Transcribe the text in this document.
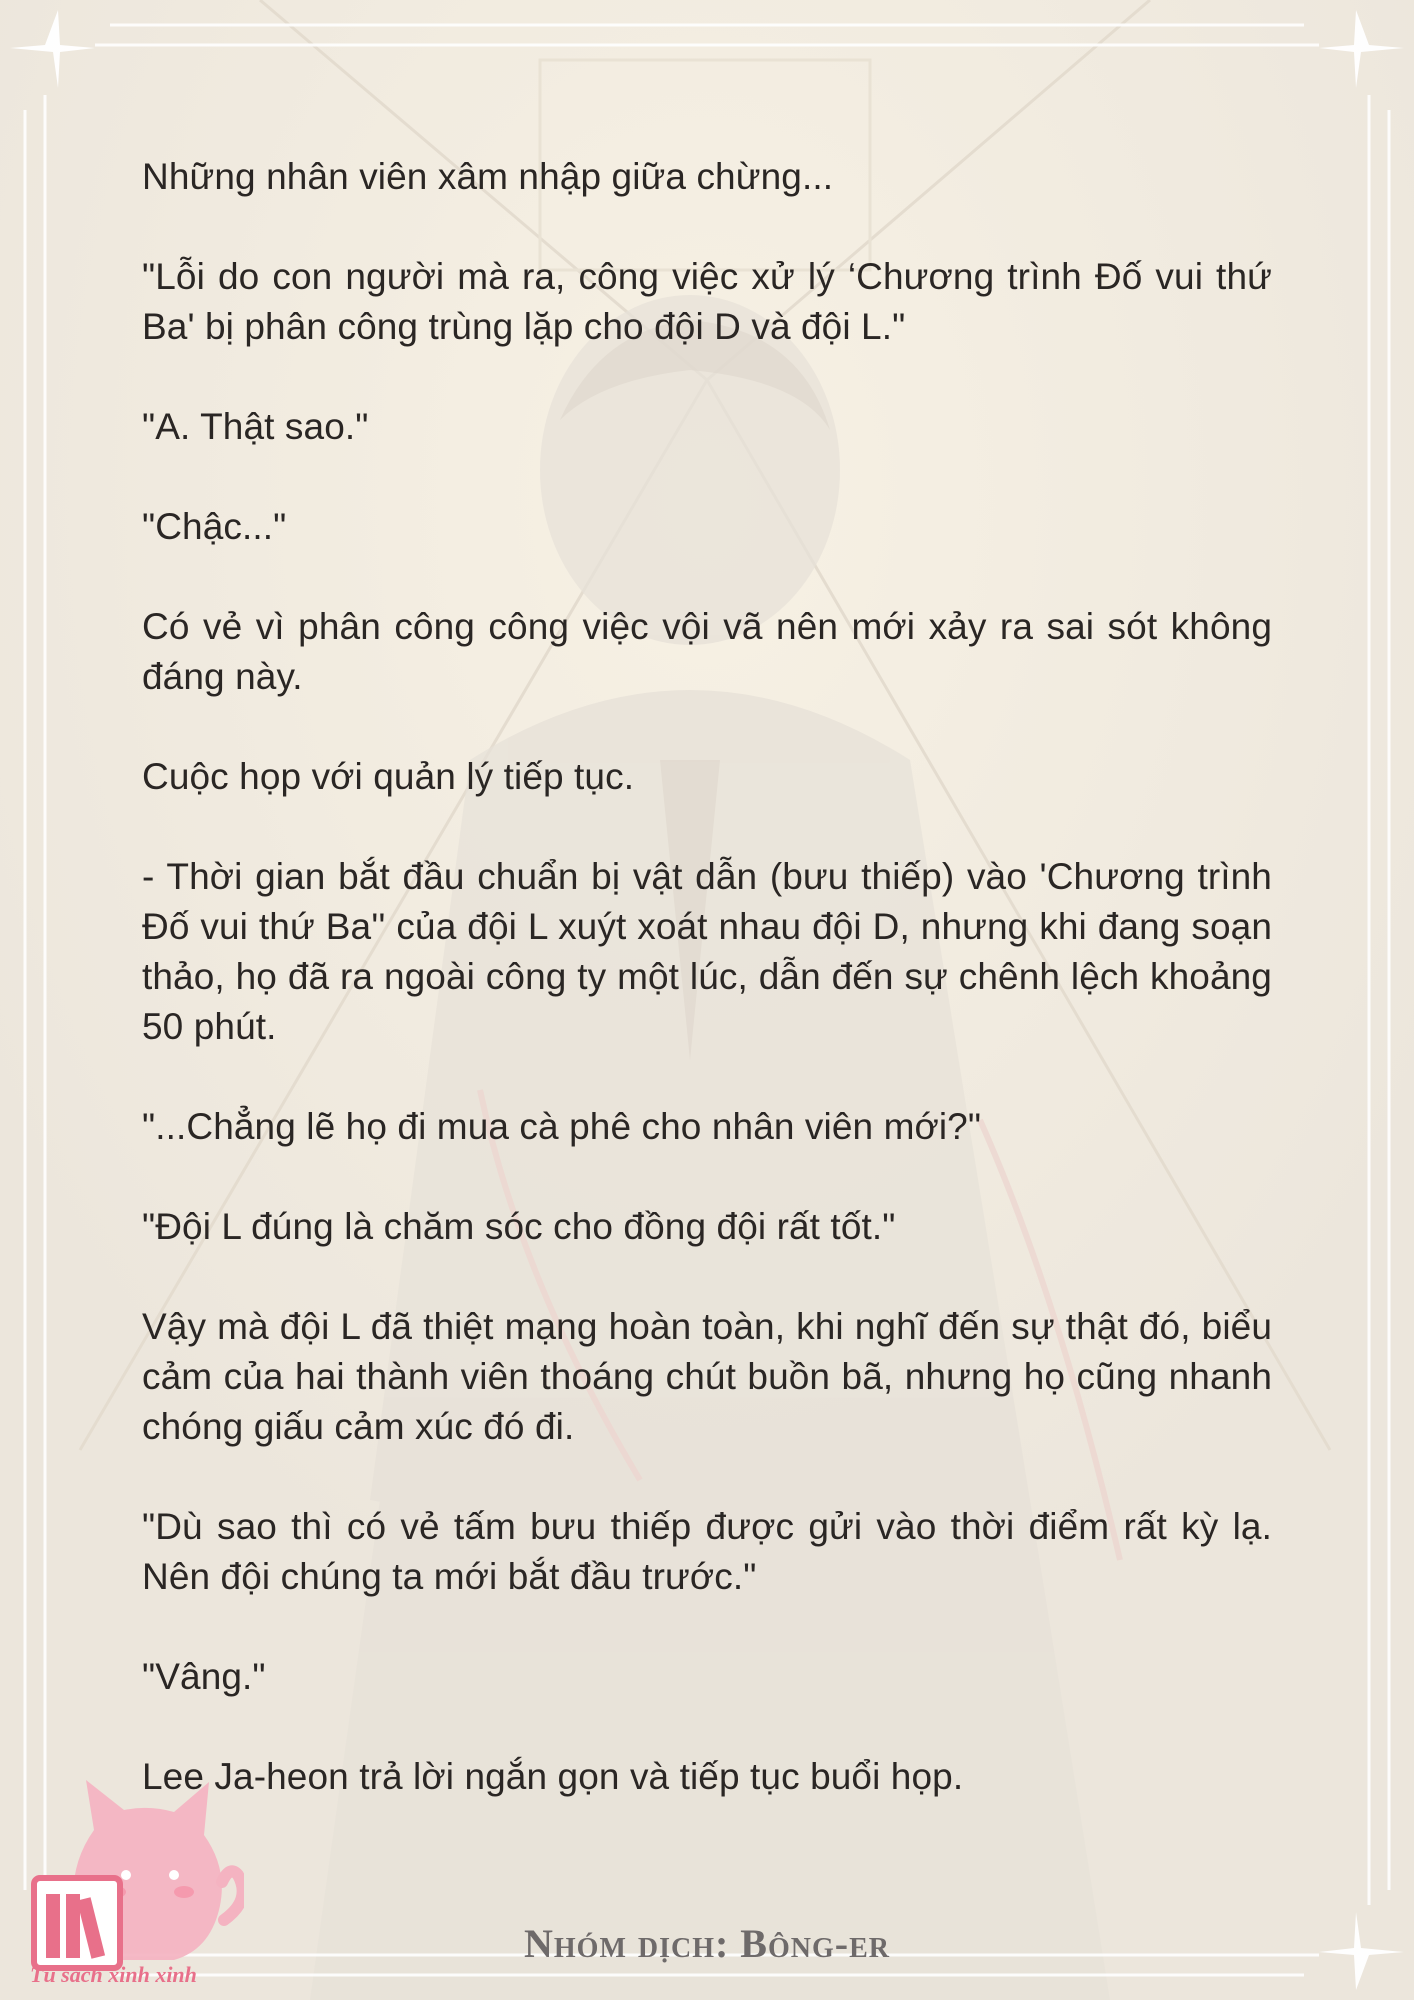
Những nhân viên xâm nhập giữa chừng...

"Lỗi do con người mà ra, công việc xử lý ‘Chương trình Đố vui thứ Ba' bị phân công trùng lặp cho đội D và đội L."

"A. Thật sao."

"Chậc..."

Có vẻ vì phân công công việc vội vã nên mới xảy ra sai sót không đáng này.

Cuộc họp với quản lý tiếp tục.

- Thời gian bắt đầu chuẩn bị vật dẫn (bưu thiếp) vào 'Chương trình Đố vui thứ Ba'' của đội L xuýt xoát nhau đội D, nhưng khi đang soạn thảo, họ đã ra ngoài công ty một lúc, dẫn đến sự chênh lệch khoảng 50 phút.

"...Chẳng lẽ họ đi mua cà phê cho nhân viên mới?"

"Đội L đúng là chăm sóc cho đồng đội rất tốt."

Vậy mà đội L đã thiệt mạng hoàn toàn, khi nghĩ đến sự thật đó, biểu cảm của hai thành viên thoáng chút buồn bã, nhưng họ cũng nhanh chóng giấu cảm xúc đó đi.

"Dù sao thì có vẻ tấm bưu thiếp được gửi vào thời điểm rất kỳ lạ. Nên đội chúng ta mới bắt đầu trước."

"Vâng."

Lee Ja-heon trả lời ngắn gọn và tiếp tục buổi họp.

Nhóm dịch: Bông-er
Tủ sách xinh xinh
